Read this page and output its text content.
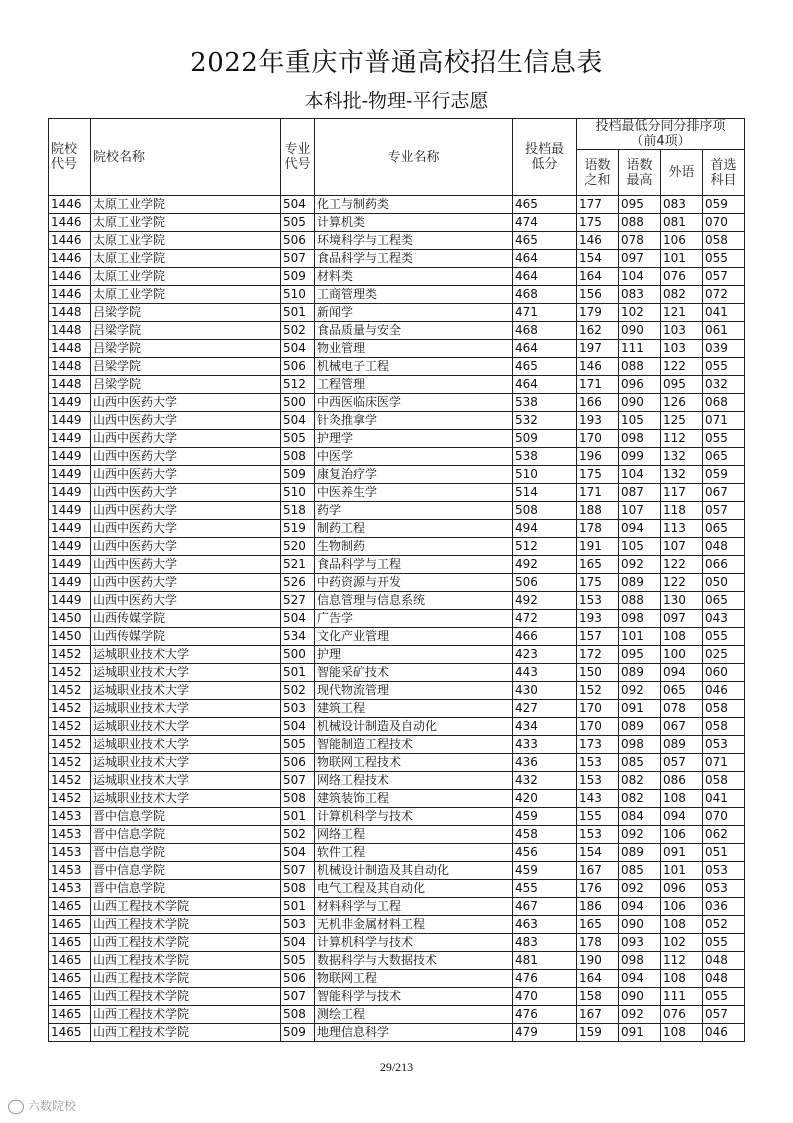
2022年重庆市普通高校招生信息表
本科批-物理-平行志愿
院校代号	院校名称	专业代号	专业名称	投档最低分	投档最低分同分排序项（前4项）			
					语数之和	语数最高	外语	首选科目
1446	太原工业学院	504	化工与制药类	465	177	095	083	059
1446	太原工业学院	505	计算机类	474	175	088	081	070
1446	太原工业学院	506	环境科学与工程类	465	146	078	106	058
1446	太原工业学院	507	食品科学与工程类	464	154	097	101	055
1446	太原工业学院	509	材料类	464	164	104	076	057
1446	太原工业学院	510	工商管理类	468	156	083	082	072
1448	吕梁学院	501	新闻学	471	179	102	121	041
1448	吕梁学院	502	食品质量与安全	468	162	090	103	061
1448	吕梁学院	504	物业管理	464	197	111	103	039
1448	吕梁学院	506	机械电子工程	465	146	088	122	055
1448	吕梁学院	512	工程管理	464	171	096	095	032
1449	山西中医药大学	500	中西医临床医学	538	166	090	126	068
1449	山西中医药大学	504	针灸推拿学	532	193	105	125	071
1449	山西中医药大学	505	护理学	509	170	098	112	055
1449	山西中医药大学	508	中医学	538	196	099	132	065
1449	山西中医药大学	509	康复治疗学	510	175	104	132	059
1449	山西中医药大学	510	中医养生学	514	171	087	117	067
1449	山西中医药大学	518	药学	508	188	107	118	057
1449	山西中医药大学	519	制药工程	494	178	094	113	065
1449	山西中医药大学	520	生物制药	512	191	105	107	048
1449	山西中医药大学	521	食品科学与工程	492	165	092	122	066
1449	山西中医药大学	526	中药资源与开发	506	175	089	122	050
1449	山西中医药大学	527	信息管理与信息系统	492	153	088	130	065
1450	山西传媒学院	504	广告学	472	193	098	097	043
1450	山西传媒学院	534	文化产业管理	466	157	101	108	055
1452	运城职业技术大学	500	护理	423	172	095	100	025
1452	运城职业技术大学	501	智能采矿技术	443	150	089	094	060
1452	运城职业技术大学	502	现代物流管理	430	152	092	065	046
1452	运城职业技术大学	503	建筑工程	427	170	091	078	058
1452	运城职业技术大学	504	机械设计制造及自动化	434	170	089	067	058
1452	运城职业技术大学	505	智能制造工程技术	433	173	098	089	053
1452	运城职业技术大学	506	物联网工程技术	436	153	085	057	071
1452	运城职业技术大学	507	网络工程技术	432	153	082	086	058
1452	运城职业技术大学	508	建筑装饰工程	420	143	082	108	041
1453	晋中信息学院	501	计算机科学与技术	459	155	084	094	070
1453	晋中信息学院	502	网络工程	458	153	092	106	062
1453	晋中信息学院	504	软件工程	456	154	089	091	051
1453	晋中信息学院	507	机械设计制造及其自动化	459	167	085	101	053
1453	晋中信息学院	508	电气工程及其自动化	455	176	092	096	053
1465	山西工程技术学院	501	材料科学与工程	467	186	094	106	036
1465	山西工程技术学院	503	无机非金属材料工程	463	165	090	108	052
1465	山西工程技术学院	504	计算机科学与技术	483	178	093	102	055
1465	山西工程技术学院	505	数据科学与大数据技术	481	190	098	112	048
1465	山西工程技术学院	506	物联网工程	476	164	094	108	048
1465	山西工程技术学院	507	智能科学与技术	470	158	090	111	055
1465	山西工程技术学院	508	测绘工程	476	167	092	076	057
1465	山西工程技术学院	509	地理信息科学	479	159	091	108	046
29/213
六数院校
